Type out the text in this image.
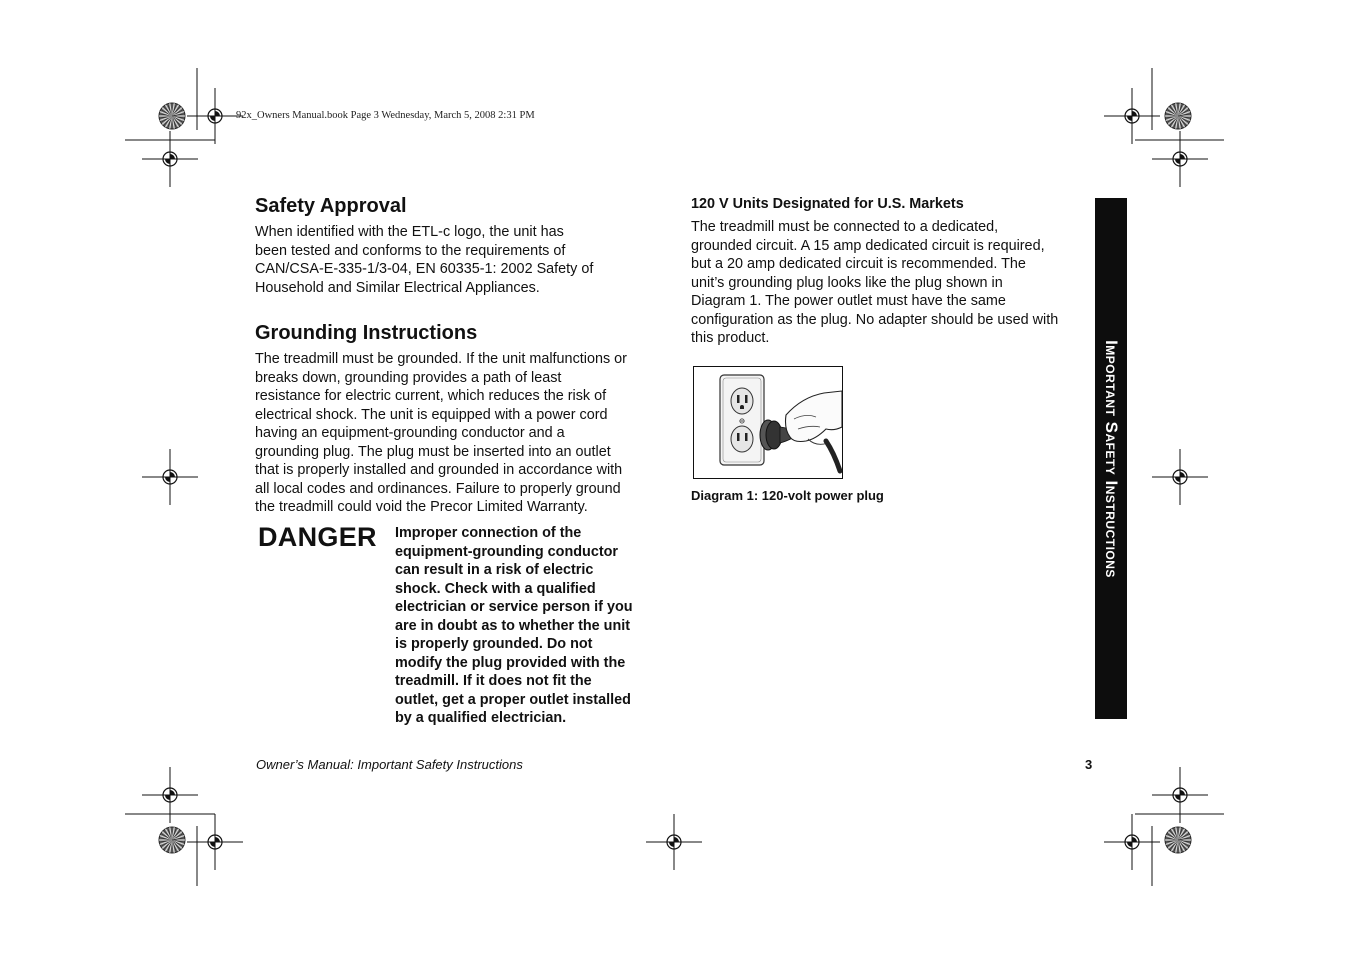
92x_Owners Manual.book Page 3 Wednesday, March 5, 2008 2:31 PM
Safety Approval
When identified with the ETL-c logo, the unit has
been tested and conforms to the requirements of
CAN/CSA-E-335-1/3-04, EN 60335-1: 2002 Safety of
Household and Similar Electrical Appliances.
Grounding Instructions
The treadmill must be grounded. If the unit malfunctions or
breaks down, grounding provides a path of least
resistance for electric current, which reduces the risk of
electrical shock. The unit is equipped with a power cord
having an equipment-grounding conductor and a
grounding plug. The plug must be inserted into an outlet
that is properly installed and grounded in accordance with
all local codes and ordinances. Failure to properly ground
the treadmill could void the Precor Limited Warranty.
DANGER Improper connection of the
equipment-grounding conductor
can result in a risk of electric
shock. Check with a qualified
electrician or service person if you
are in doubt as to whether the unit
is properly grounded. Do not
modify the plug provided with the
treadmill. If it does not fit the
outlet, get a proper outlet installed
by a qualified electrician.
120 V Units Designated for U.S. Markets
The treadmill must be connected to a dedicated,
grounded circuit. A 15 amp dedicated circuit is required,
but a 20 amp dedicated circuit is recommended. The
unit’s grounding plug looks like the plug shown in
Diagram 1. The power outlet must have the same
configuration as the plug. No adapter should be used with
this product.

Diagram 1: 120-volt power plug	Important Safety Instructions

Owner’s Manual: Important Safety Instructions	3
